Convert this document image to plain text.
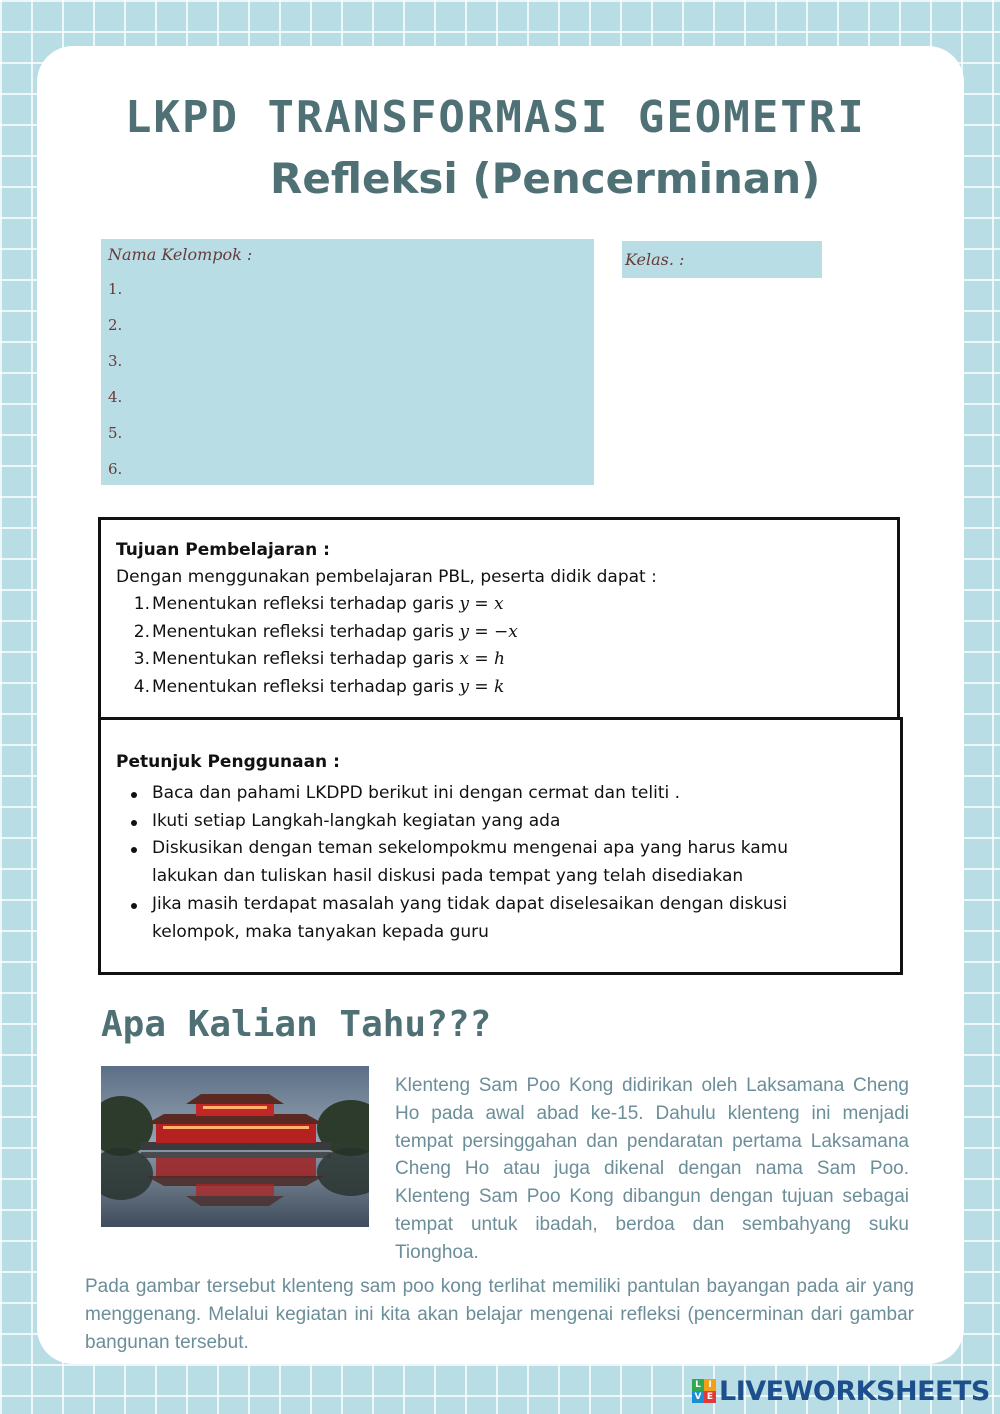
LKPD TRANSFORMASI GEOMETRI
Refleksi (Pencerminan)
Nama Kelompok :
1.
2.
3.
4.
5.
6.
Kelas. :
Tujuan Pembelajaran :
Dengan menggunakan pembelajaran PBL, peserta didik dapat :
1. Menentukan refleksi terhadap garis y = x
2. Menentukan refleksi terhadap garis y = −x
3. Menentukan refleksi terhadap garis x = h
4. Menentukan refleksi terhadap garis y = k
Petunjuk Penggunaan :
Baca dan pahami LKDPD berikut ini dengan cermat dan teliti .
Ikuti setiap Langkah-langkah kegiatan yang ada
Diskusikan dengan teman sekelompokmu mengenai apa yang harus kamu lakukan dan tuliskan hasil diskusi pada tempat yang telah disediakan
Jika masih terdapat masalah yang tidak dapat diselesaikan dengan diskusi kelompok, maka tanyakan kepada guru
Apa Kalian Tahu???
Klenteng Sam Poo Kong didirikan oleh Laksamana Cheng Ho pada awal abad ke-15. Dahulu klenteng ini menjadi tempat persinggahan dan pendaratan pertama Laksamana Cheng Ho atau juga dikenal dengan nama Sam Poo. Klenteng Sam Poo Kong dibangun dengan tujuan sebagai tempat untuk ibadah, berdoa dan sembahyang suku Tionghoa.
Pada gambar tersebut klenteng sam poo kong terlihat memiliki pantulan bayangan pada air yang menggenang. Melalui kegiatan ini kita akan belajar mengenai refleksi (pencerminan dari gambar bangunan tersebut.
L I
V E LIVEWORKSHEETS
